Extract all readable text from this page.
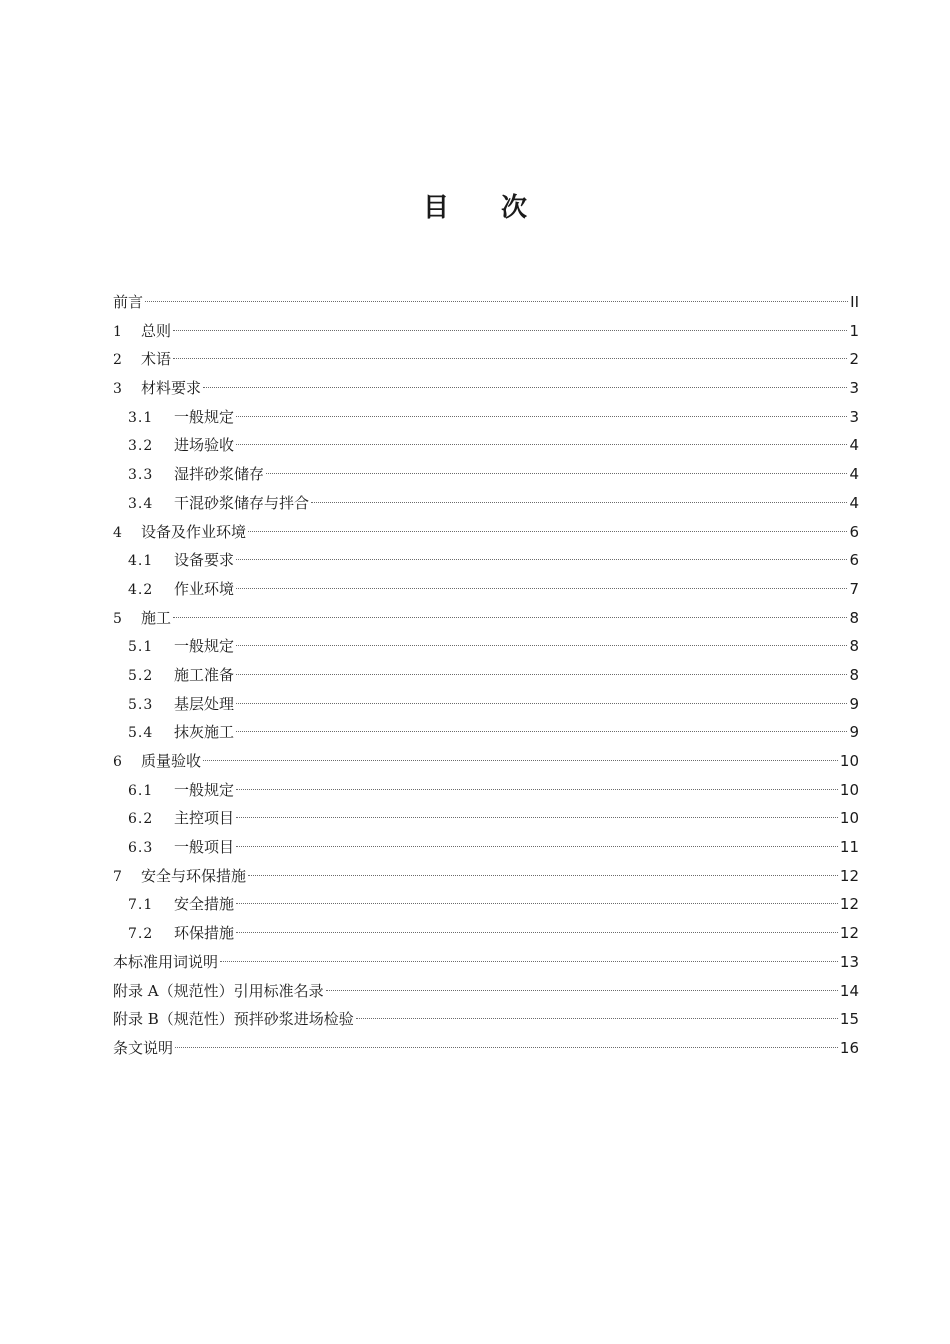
目 次
前言	II
1	总则	1
2	术语	2
3	材料要求	3
3.1	一般规定	3
3.2	进场验收	4
3.3	湿拌砂浆储存	4
3.4	干混砂浆储存与拌合	4
4	设备及作业环境	6
4.1	设备要求	6
4.2	作业环境	7
5	施工	8
5.1	一般规定	8
5.2	施工准备	8
5.3	基层处理	9
5.4	抹灰施工	9
6	质量验收	10
6.1	一般规定	10
6.2	主控项目	10
6.3	一般项目	11
7	安全与环保措施	12
7.1	安全措施	12
7.2	环保措施	12
本标准用词说明	13
附录 A（规范性）引用标准名录	14
附录 B（规范性）预拌砂浆进场检验	15
条文说明	16
